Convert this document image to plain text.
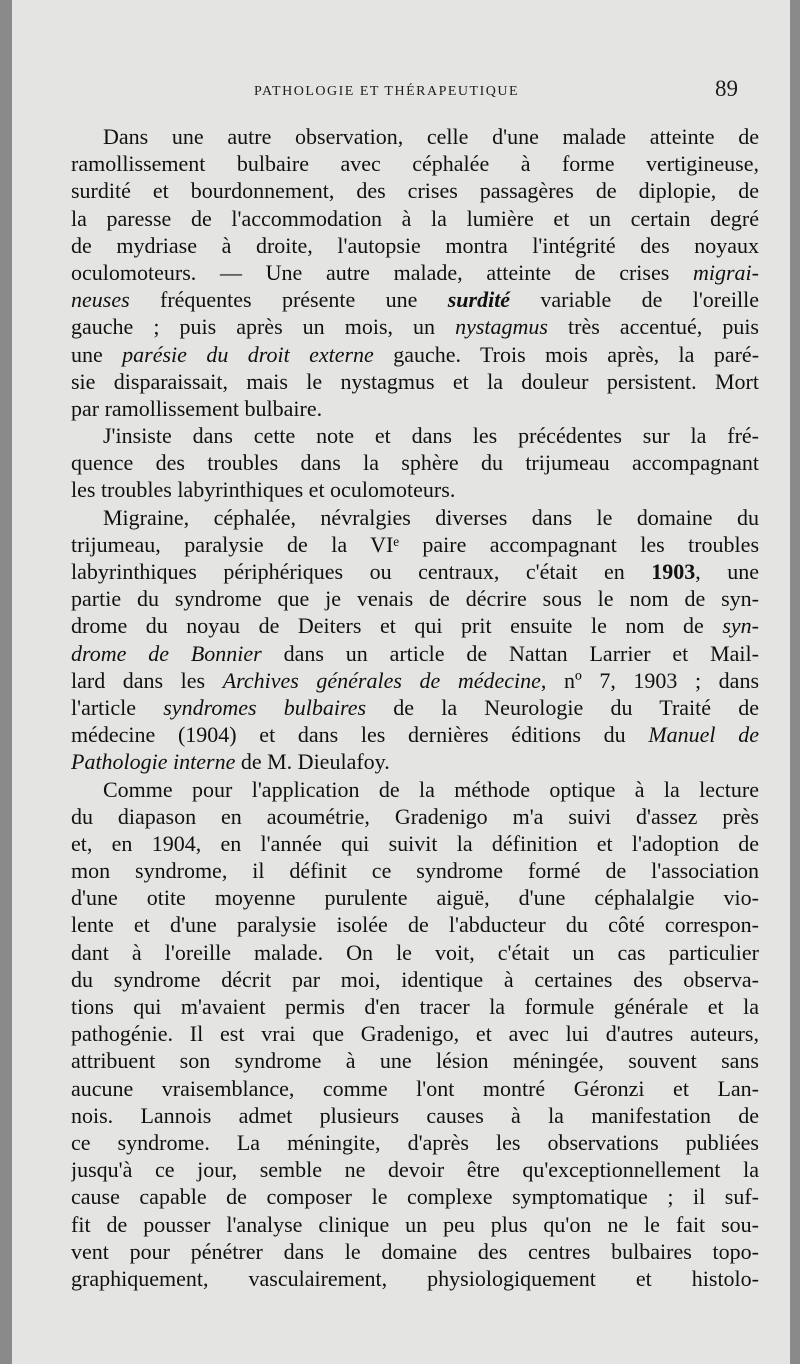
PATHOLOGIE ET THÉRAPEUTIQUE	89
Dans une autre observation, celle d'une malade atteinte de
ramollissement bulbaire avec céphalée à forme vertigineuse,
surdité et bourdonnement, des crises passagères de diplopie, de
la paresse de l'accommodation à la lumière et un certain degré
de mydriase à droite, l'autopsie montra l'intégrité des noyaux
oculomoteurs. — Une autre malade, atteinte de crises migrai-
neuses fréquentes présente une surdité variable de l'oreille
gauche ; puis après un mois, un nystagmus très accentué, puis
une parésie du droit externe gauche. Trois mois après, la paré-
sie disparaissait, mais le nystagmus et la douleur persistent. Mort
par ramollissement bulbaire.
J'insiste dans cette note et dans les précédentes sur la fré-
quence des troubles dans la sphère du trijumeau accompagnant
les troubles labyrinthiques et oculomoteurs.
Migraine, céphalée, névralgies diverses dans le domaine du
trijumeau, paralysie de la VIᵉ paire accompagnant les troubles
labyrinthiques périphériques ou centraux, c'était en 1903, une
partie du syndrome que je venais de décrire sous le nom de syn-
drome du noyau de Deiters et qui prit ensuite le nom de syn-
drome de Bonnier dans un article de Nattan Larrier et Mail-
lard dans les Archives générales de médecine, nº 7, 1903 ; dans
l'article syndromes bulbaires de la Neurologie du Traité de
médecine (1904) et dans les dernières éditions du Manuel de
Pathologie interne de M. Dieulafoy.
Comme pour l'application de la méthode optique à la lecture
du diapason en acoumétrie, Gradenigo m'a suivi d'assez près
et, en 1904, en l'année qui suivit la définition et l'adoption de
mon syndrome, il définit ce syndrome formé de l'association
d'une otite moyenne purulente aiguë, d'une céphalalgie vio-
lente et d'une paralysie isolée de l'abducteur du côté correspon-
dant à l'oreille malade. On le voit, c'était un cas particulier
du syndrome décrit par moi, identique à certaines des observa-
tions qui m'avaient permis d'en tracer la formule générale et la
pathogénie. Il est vrai que Gradenigo, et avec lui d'autres auteurs,
attribuent son syndrome à une lésion méningée, souvent sans
aucune vraisemblance, comme l'ont montré Géronzi et Lan-
nois. Lannois admet plusieurs causes à la manifestation de
ce syndrome. La méningite, d'après les observations publiées
jusqu'à ce jour, semble ne devoir être qu'exceptionnellement la
cause capable de composer le complexe symptomatique ; il suf-
fit de pousser l'analyse clinique un peu plus qu'on ne le fait sou-
vent pour pénétrer dans le domaine des centres bulbaires topo-
graphiquement, vasculairement, physiologiquement et histolo-
